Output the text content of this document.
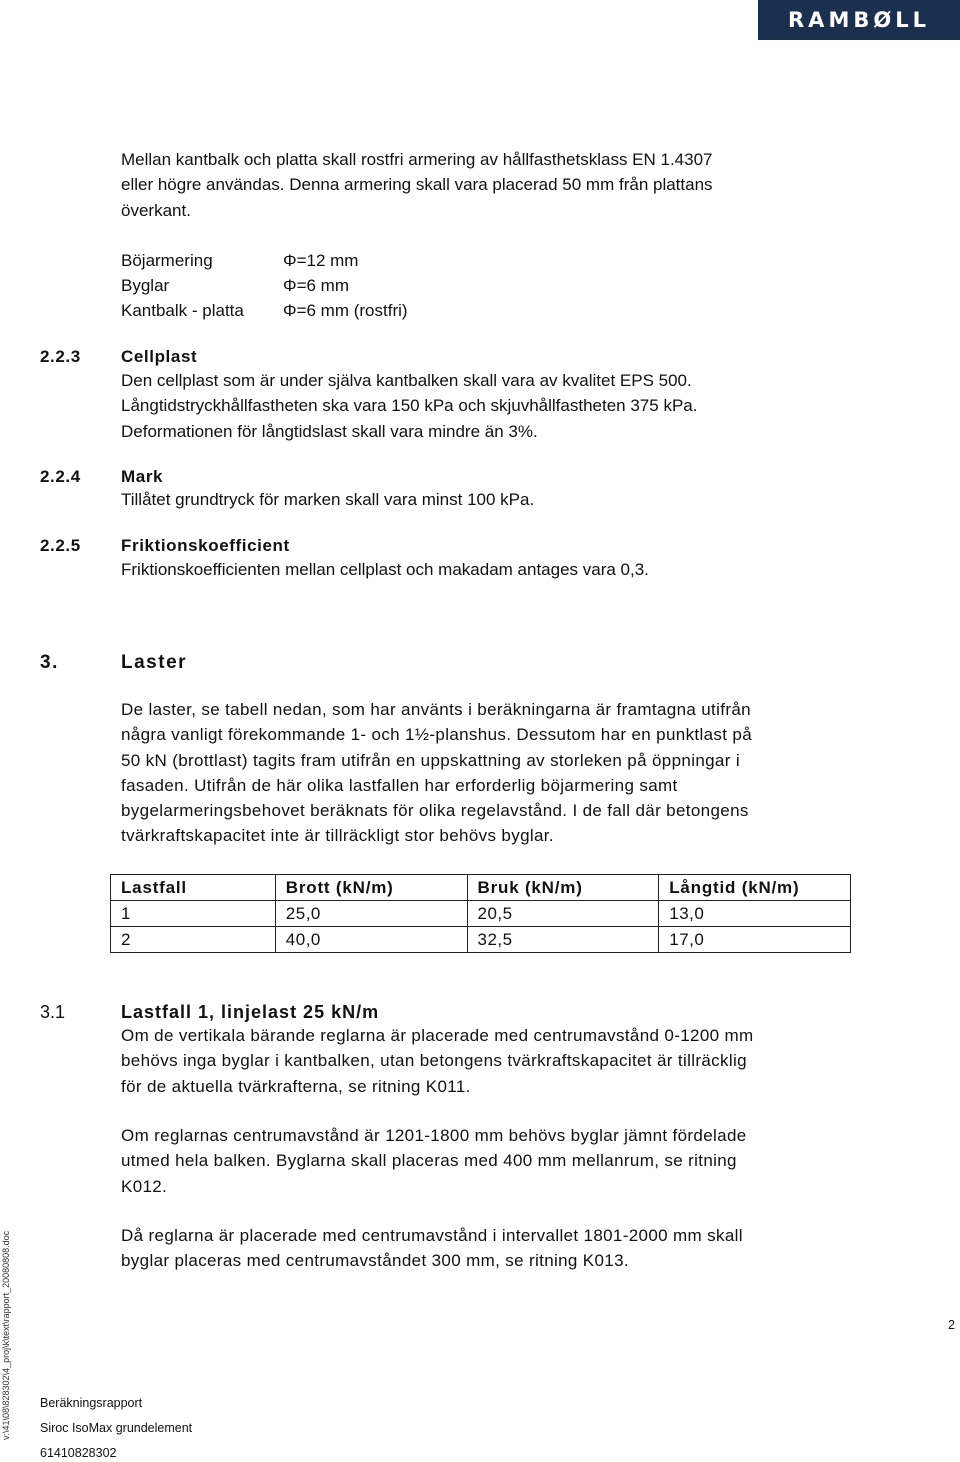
RAMBØLL

Mellan kantbalk och platta skall rostfri armering av hållfasthetsklass EN 1.4307

eller högre användas. Denna armering skall vara placerad 50 mm från plattans

överkant.

Böjarmering	Φ=12 mm
Byglar	Φ=6 mm
Kantbalk - platta Φ=6 mm (rostfri)
2.2.3 Cellplast

Den cellplast som är under själva kantbalken skall vara av kvalitet EPS 500.

Långtidstryckhållfastheten ska vara 150 kPa och skjuvhållfastheten 375 kPa.

Deformationen för långtidslast skall vara mindre än 3%.

2.2.4 Mark

Tillåtet grundtryck för marken skall vara minst 100 kPa.

2.2.5 Friktionskoefficient

Friktionskoefficienten mellan cellplast och makadam antages vara 0,3.

3.	Laster

De laster, se tabell nedan, som har använts i beräkningarna är framtagna utifrån

några vanligt förekommande 1- och 1½-planshus. Dessutom har en punktlast på

50 kN (brottlast) tagits fram utifrån en uppskattning av storleken på öppningar i

fasaden. Utifrån de här olika lastfallen har erforderlig böjarmering samt

bygelarmeringsbehovet beräknats för olika regelavstånd. I de fall där betongens

tvärkraftskapacitet inte är tillräckligt stor behövs byglar.

Lastfall	Brott (kN/m)	Bruk (kN/m)	Långtid (kN/m)
1	25,0	20,5	13,0
2	40,0	32,5	17,0
3.1	Lastfall 1, linjelast 25 kN/m

Om de vertikala bärande reglarna är placerade med centrumavstånd 0-1200 mm

behövs inga byglar i kantbalken, utan betongens tvärkraftskapacitet är tillräcklig

för de aktuella tvärkrafterna, se ritning K011.

Om reglarnas centrumavstånd är 1201-1800 mm behövs byglar jämnt fördelade

utmed hela balken. Byglarna skall placeras med 400 mm mellanrum, se ritning

K012.

Då reglarna är placerade med centrumavstånd i intervallet 1801-2000 mm skall

byglar placeras med centrumavståndet 300 mm, se ritning K013.

2
Beräkningsrapport
Siroc IsoMax grundelement
61410828302
v:\41\08\828302\4_proj\k\text\rapport_20080808.doc
